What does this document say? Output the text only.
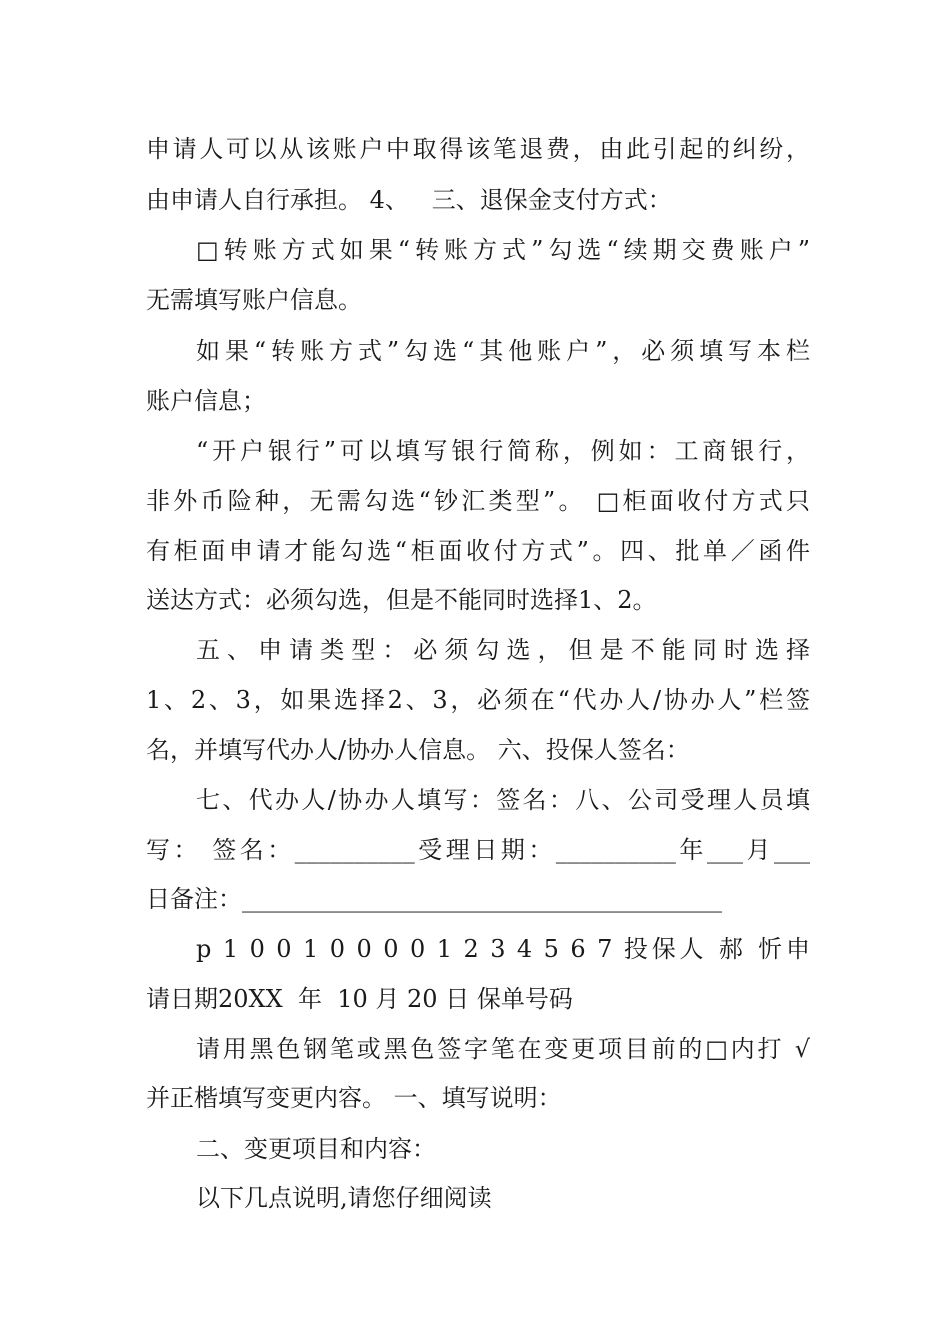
申请人可以从该账户中取得该笔退费，由此引起的纠纷，
由申请人自行承担。 4、   三、退保金支付方式：
□转账方式如果“转账方式”勾选“续期交费账户”
无需填写账户信息。
如果“转账方式”勾选“其他账户”，必须填写本栏
账户信息；
“开户银行”可以填写银行简称，例如：工商银行，
非外币险种，无需勾选“钞汇类型”。 □柜面收付方式只
有柜面申请才能勾选“柜面收付方式”。四、批单／函件
送达方式：必须勾选，但是不能同时选择1、2。
五、申请类型：必须勾选，但是不能同时选择
1、2、3，如果选择2、3，必须在“代办人/协办人”栏签
名，并填写代办人/协办人信息。 六、投保人签名：
七、代办人/协办人填写：签名：八、公司受理人员填
写： 签名：__________受理日期：__________年___月___
日备注：________________________________________
p 1 0 0 1 0 0 0 0 1 2 3 4 5 6 7 投保人 郝 忻申
请日期20XX  年  10 月 20 日 保单号码
请用黑色钢笔或黑色签字笔在变更项目前的□内打 √
并正楷填写变更内容。 一、填写说明：
二、变更项目和内容：
以下几点说明,请您仔细阅读
